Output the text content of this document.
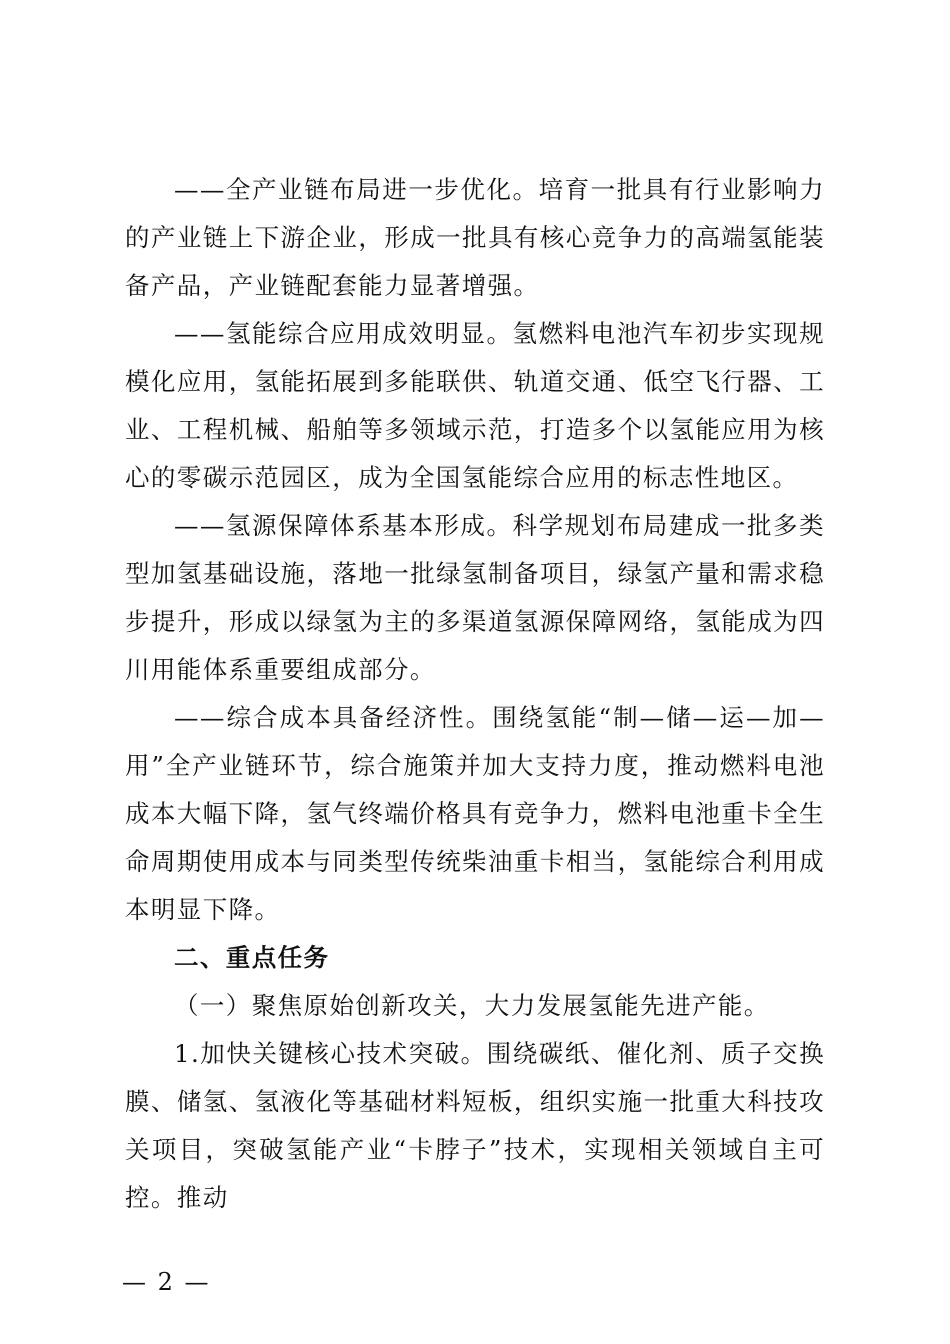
——全产业链布局进一步优化。培育一批具有行业影响力的产业链上下游企业，形成一批具有核心竞争力的高端氢能装备产品，产业链配套能力显著增强。

——氢能综合应用成效明显。氢燃料电池汽车初步实现规模化应用，氢能拓展到多能联供、轨道交通、低空飞行器、工业、工程机械、船舶等多领域示范，打造多个以氢能应用为核心的零碳示范园区，成为全国氢能综合应用的标志性地区。

——氢源保障体系基本形成。科学规划布局建成一批多类型加氢基础设施，落地一批绿氢制备项目，绿氢产量和需求稳步提升，形成以绿氢为主的多渠道氢源保障网络，氢能成为四川用能体系重要组成部分。

——综合成本具备经济性。围绕氢能“制—储—运—加—用”全产业链环节，综合施策并加大支持力度，推动燃料电池成本大幅下降，氢气终端价格具有竞争力，燃料电池重卡全生命周期使用成本与同类型传统柴油重卡相当，氢能综合利用成本明显下降。

二、重点任务

（一）聚焦原始创新攻关，大力发展氢能先进产能。

1.加快关键核心技术突破。围绕碳纸、催化剂、质子交换膜、储氢、氢液化等基础材料短板，组织实施一批重大科技攻关项目，突破氢能产业“卡脖子”技术，实现相关领域自主可控。推动

— 2 —
